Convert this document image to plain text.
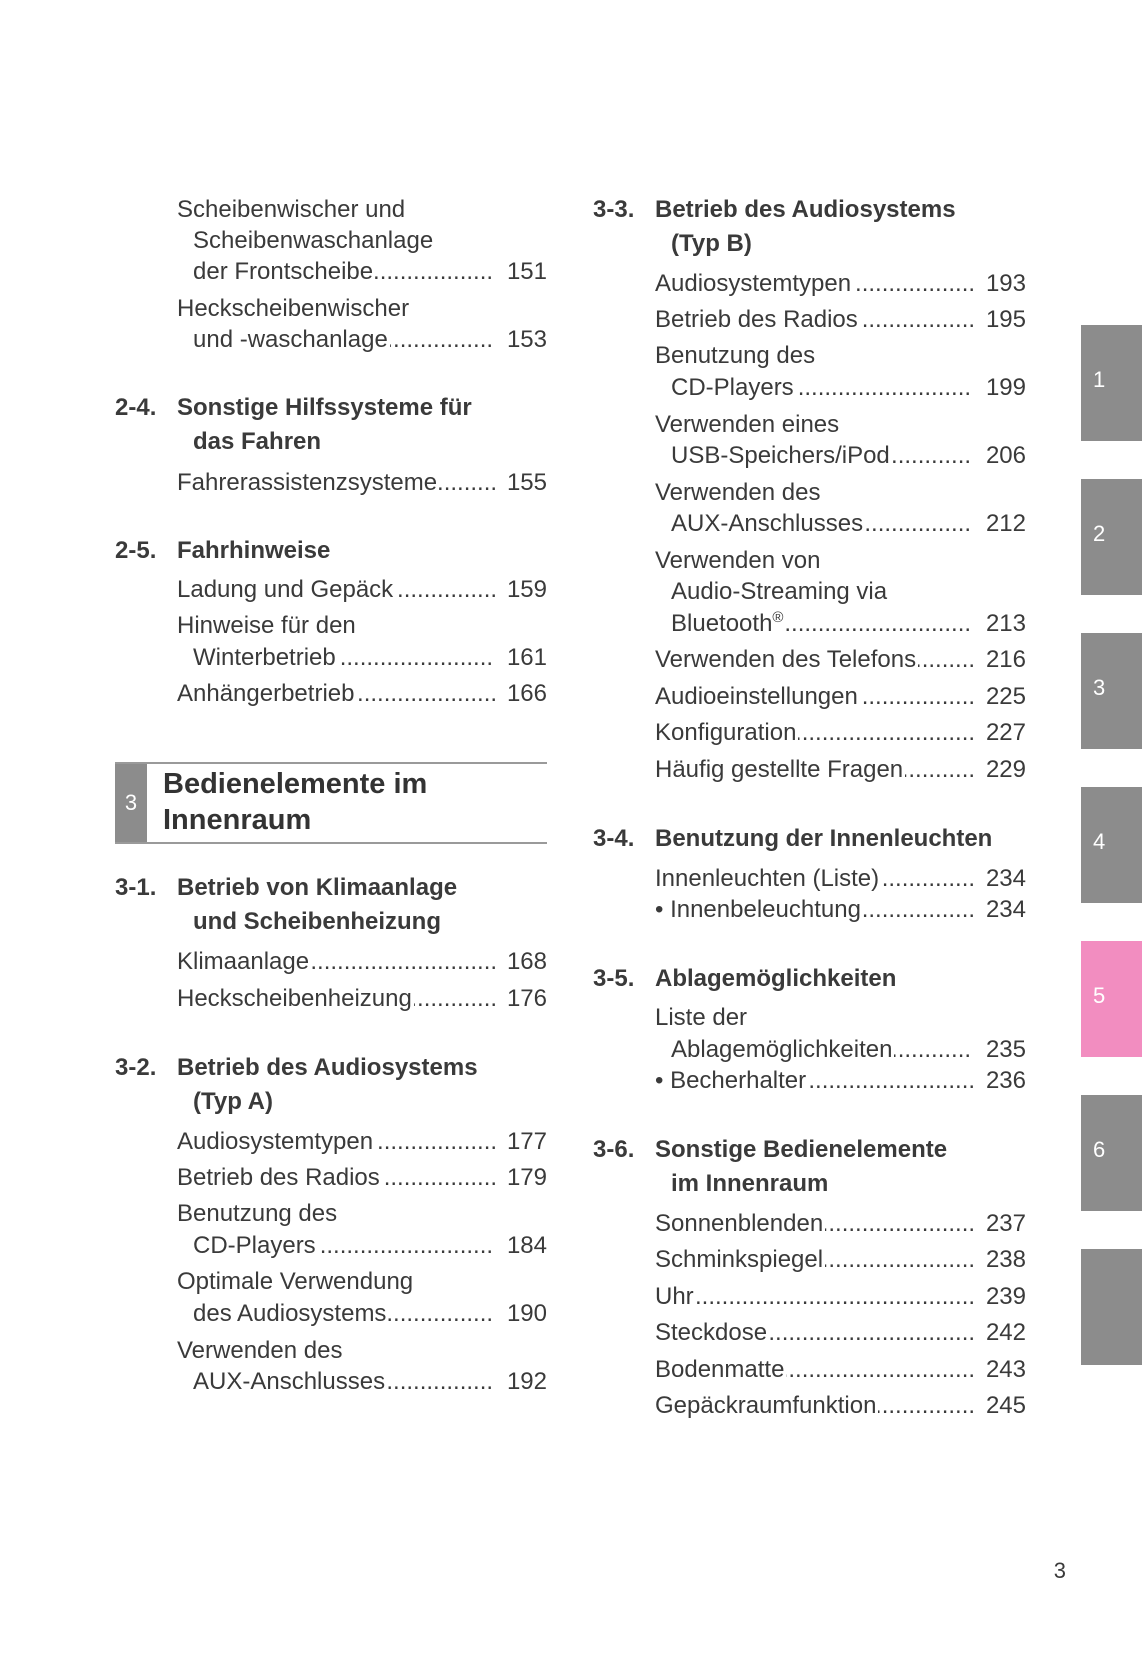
Scheibenwischer und
Scheibenwaschanlage
.....
der Frontscheibe	151
Heckscheibenwischer
.....
und -waschanlage	153
2-4. Sonstige Hilfssysteme für
das Fahren
.....
Fahrerassistenzsysteme	155
2-5. Fahrhinweise
.....
Ladung und Gepäck	159
Hinweise für den
.....
Winterbetrieb	161
.....
Anhängerbetrieb	166
3
Bedienelemente im
Innenraum
3-1. Betrieb von Klimaanlage
und Scheibenheizung
.....
Klimaanlage	168
.....
Heckscheibenheizung	176
3-2. Betrieb des Audiosystems
(Typ A)
.....
Audiosystemtypen	177
.....
Betrieb des Radios	179
Benutzung des
.....
CD-Players	184
Optimale Verwendung
.....
des Audiosystems	190
Verwenden des
.....
AUX-Anschlusses	192
3-3. Betrieb des Audiosystems
(Typ B)
.....
Audiosystemtypen	193
.....
Betrieb des Radios	195
Benutzung des
.....
CD-Players	199
Verwenden eines
.....
USB-Speichers/iPod	206
Verwenden des
.....
AUX-Anschlusses	212
Verwenden von
Audio-Streaming via
.....
Bluetooth®	213
.....
Verwenden des Telefons	216
.....
Audioeinstellungen	225
.....
Konfiguration	227
.....
Häufig gestellte Fragen	229
3-4. Benutzung der Innenleuchten
.....
Innenleuchten (Liste)	234
.....
• Innenbeleuchtung	234
3-5. Ablagemöglichkeiten
Liste der
.....
Ablagemöglichkeiten	235
.....
• Becherhalter	236
3-6. Sonstige Bedienelemente
im Innenraum
.....
Sonnenblenden	237
.....
Schminkspiegel	238
.....
Uhr	239
.....
Steckdose	242
.....
Bodenmatte	243
.....
Gepäckraumfunktion	245
1
2
3
4
5
6
3
